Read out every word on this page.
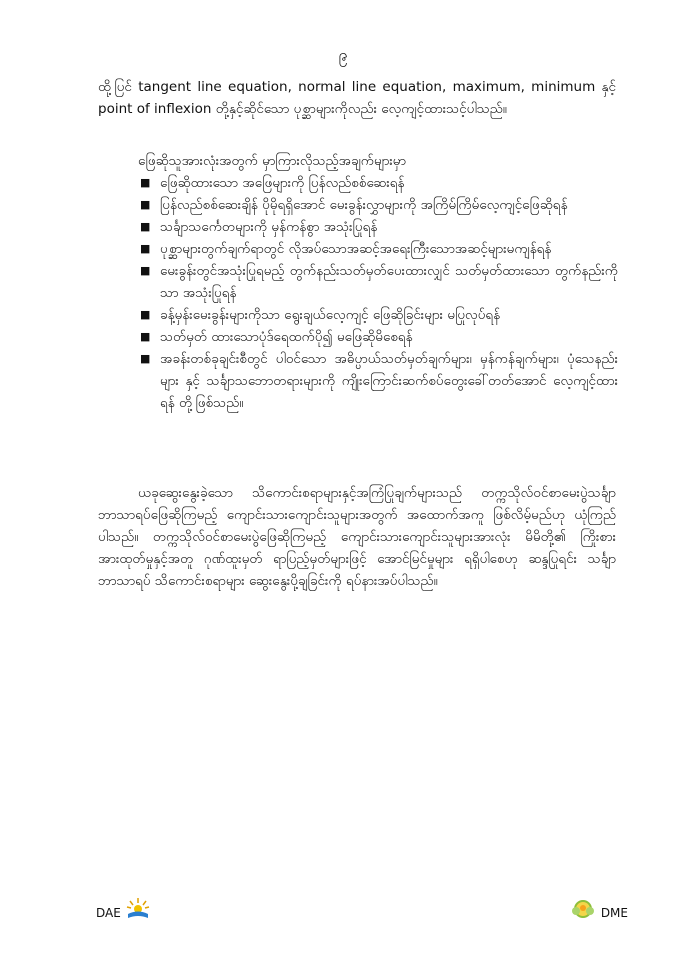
၉

ထို့ပြင် tangent line equation, normal line equation, maximum, minimum နှင့် point of inflexion တို့နှင့်ဆိုင်သော ပုစ္ဆာများကိုလည်း လေ့ကျင့်ထားသင့်ပါသည်။

ဖြေဆိုသူအားလုံးအတွက် မှာကြားလိုသည့်အချက်များမှာ
■ ဖြေဆိုထားသော အဖြေများကို ပြန်လည်စစ်ဆေးရန်
■ ပြန်လည်စစ်ဆေးချိန် ပိုမိုရရှိအောင် မေးခွန်းလွှာများကို အကြိမ်ကြိမ်လေ့ကျင့်ဖြေဆိုရန်
■ သင်္ချာသင်္ကေတများကို မှန်ကန်စွာ အသုံးပြုရန်
■ ပုစ္ဆာများတွက်ချက်ရာတွင် လိုအပ်သောအဆင့်အရေးကြီးသောအဆင့်များမကျန်ရန်
■ မေးခွန်းတွင်အသုံးပြုရမည့် တွက်နည်းသတ်မှတ်ပေးထားလျှင် သတ်မှတ်ထားသော တွက်နည်းကို သာ အသုံးပြုရန်
■ ခန့်မှန်းမေးခွန်းများကိုသာ ရွေးချယ်လေ့ကျင့် ဖြေဆိုခြင်းများ မပြုလုပ်ရန်
■ သတ်မှတ် ထားသောပုံဒ်ရေထက်ပို၍ မဖြေဆိုမိစေရန်
■ အခန်းတစ်ခုချင်းစီတွင် ပါဝင်သော အဓိပ္ပာယ်သတ်မှတ်ချက်များ၊ မှန်ကန်ချက်များ၊ ပုံသေနည်းများ နှင့် သင်္ချာသဘောတရားများကို ကျိုးကြောင်းဆက်စပ်တွေးခေါ်တတ်အောင် လေ့ကျင့်ထားရန် တို့ဖြစ်သည်။

ယခုဆွေးနွေးခဲ့သော သိကောင်းစရာများနှင့်အကြံပြုချက်များသည် တက္ကသိုလ်ဝင်စာမေးပွဲသင်္ချာဘာသာရပ်ဖြေဆိုကြမည့် ကျောင်းသားကျောင်းသူများအတွက် အထောက်အကူ ဖြစ်လိမ့်မည်ဟု ယုံကြည်ပါသည်။ တက္ကသိုလ်ဝင်စာမေးပွဲဖြေဆိုကြမည့် ကျောင်းသားကျောင်းသူများအားလုံး မိမိတို့၏ ကြိုးစားအားထုတ်မှုနှင့်အတူ ဂုဏ်ထူးမှတ် ရာပြည့်မှတ်များဖြင့် အောင်မြင်မှုများ ရရှိပါစေဟု ဆန္ဒပြုရင်း သင်္ချာဘာသာရပ် သိကောင်းစရာများ ဆွေးနွေးပို့ချခြင်းကို ရပ်နားအပ်ပါသည်။

DAE	DME
